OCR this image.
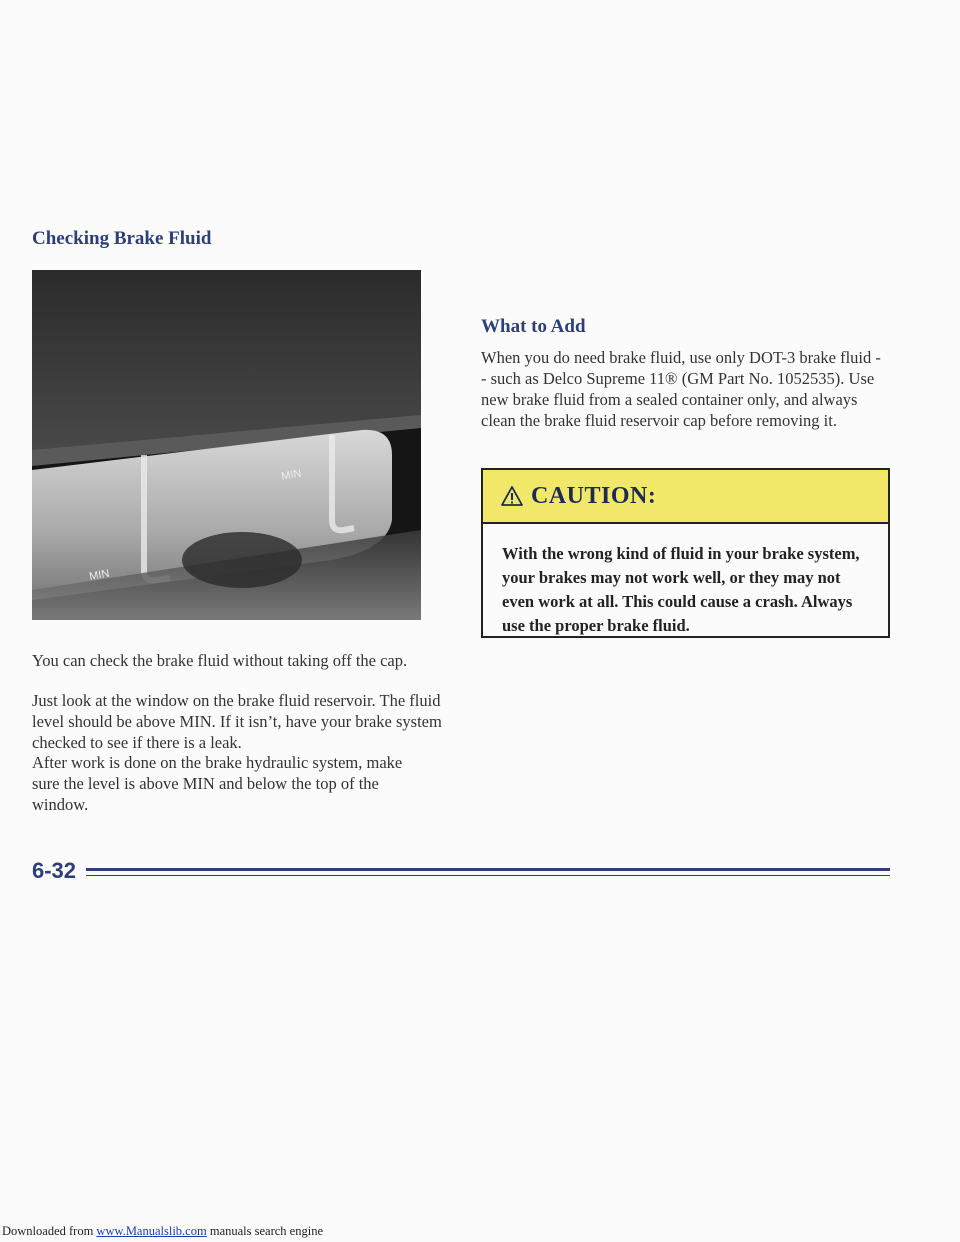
Checking Brake Fluid
MIN
MIN

You can check the brake fluid without taking off the cap.

Just look at the window on the brake fluid reservoir. The fluid level should be above MIN. If it isn’t, have your brake system checked to see if there is a leak.

After work is done on the brake hydraulic system, make sure the level is above MIN and below the top of the window.

What to Add

When you do need brake fluid, use only DOT-3 brake fluid -- such as Delco Supreme 11® (GM Part No. 1052535). Use new brake fluid from a sealed container only, and always clean the brake fluid reservoir cap before removing it.

CAUTION:

With the wrong kind of fluid in your brake system, your brakes may not work well, or they may not even work at all. This could cause a crash. Always use the proper brake fluid.

6-32
Downloaded from www.Manualslib.com manuals search engine
